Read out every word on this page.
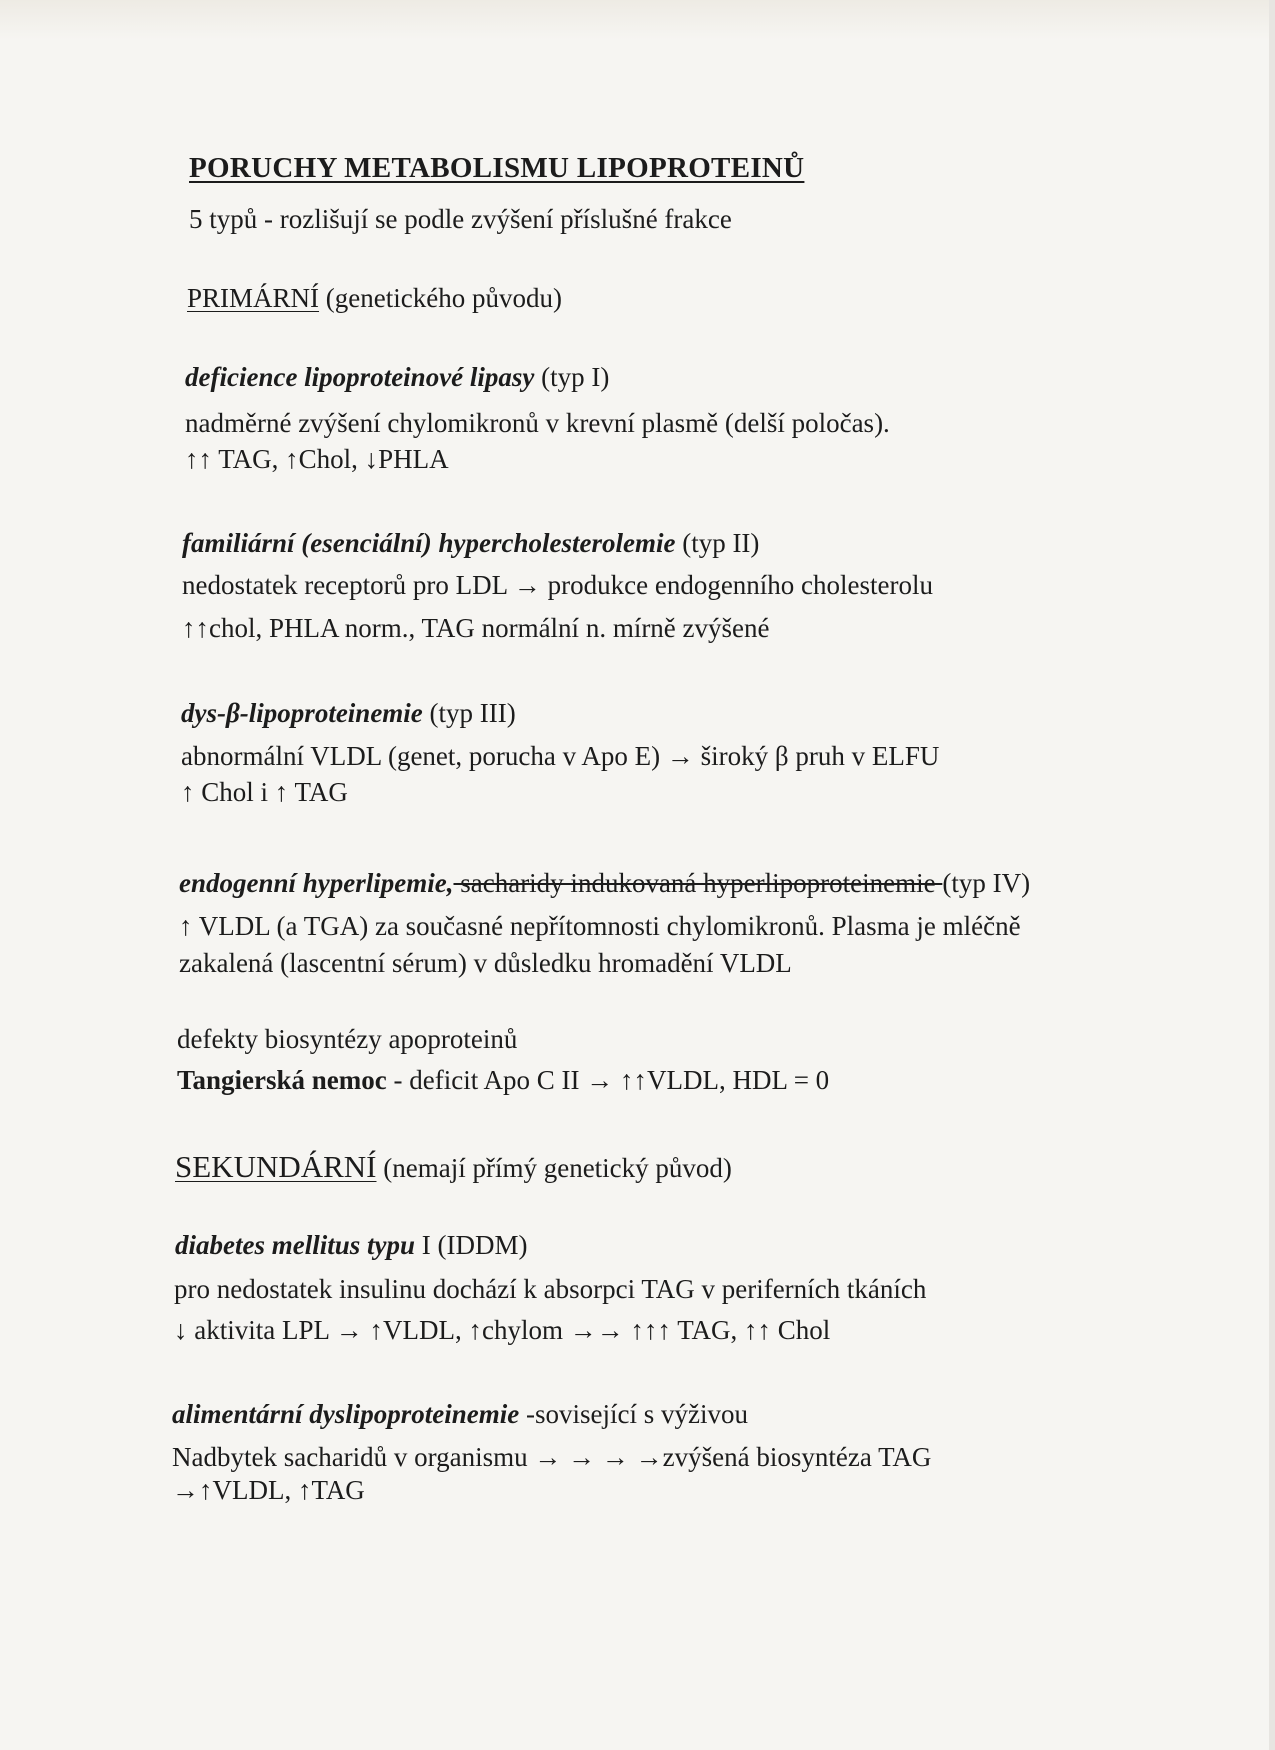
PORUCHY METABOLISMU LIPOPROTEINŮ
5 typů - rozlišují se podle zvýšení příslušné frakce
PRIMÁRNÍ (genetického původu)
deficience lipoproteinové lipasy (typ I)
nadměrné zvýšení chylomikronů v krevní plasmě (delší poločas).
↑↑ TAG, ↑Chol, ↓PHLA
familiární (esenciální) hypercholesterolemie (typ II)
nedostatek receptorů pro LDL → produkce endogenního cholesterolu
↑↑chol, PHLA norm., TAG normální n. mírně zvýšené
dys-β-lipoproteinemie (typ III)
abnormální VLDL (genet, porucha v Apo E) → široký β pruh v ELFU
↑ Chol i ↑ TAG
endogenní hyperlipemie, sacharidy indukovaná hyperlipoproteinemie (typ IV)
↑ VLDL (a TGA) za současné nepřítomnosti chylomikronů. Plasma je mléčně
zakalená (lascentní sérum) v důsledku hromadění VLDL
defekty biosyntézy apoproteinů
Tangierská nemoc - deficit Apo C II → ↑↑VLDL, HDL = 0
SEKUNDÁRNÍ (nemají přímý genetický původ)
diabetes mellitus typu I (IDDM)
pro nedostatek insulinu dochází k absorpci TAG v periferních tkáních
↓ aktivita LPL → ↑VLDL, ↑chylom →→ ↑↑↑ TAG, ↑↑ Chol
alimentární dyslipoproteinemie -sovisející s výživou
Nadbytek sacharidů v organismu → → → →zvýšená biosyntéza TAG
→↑VLDL, ↑TAG
